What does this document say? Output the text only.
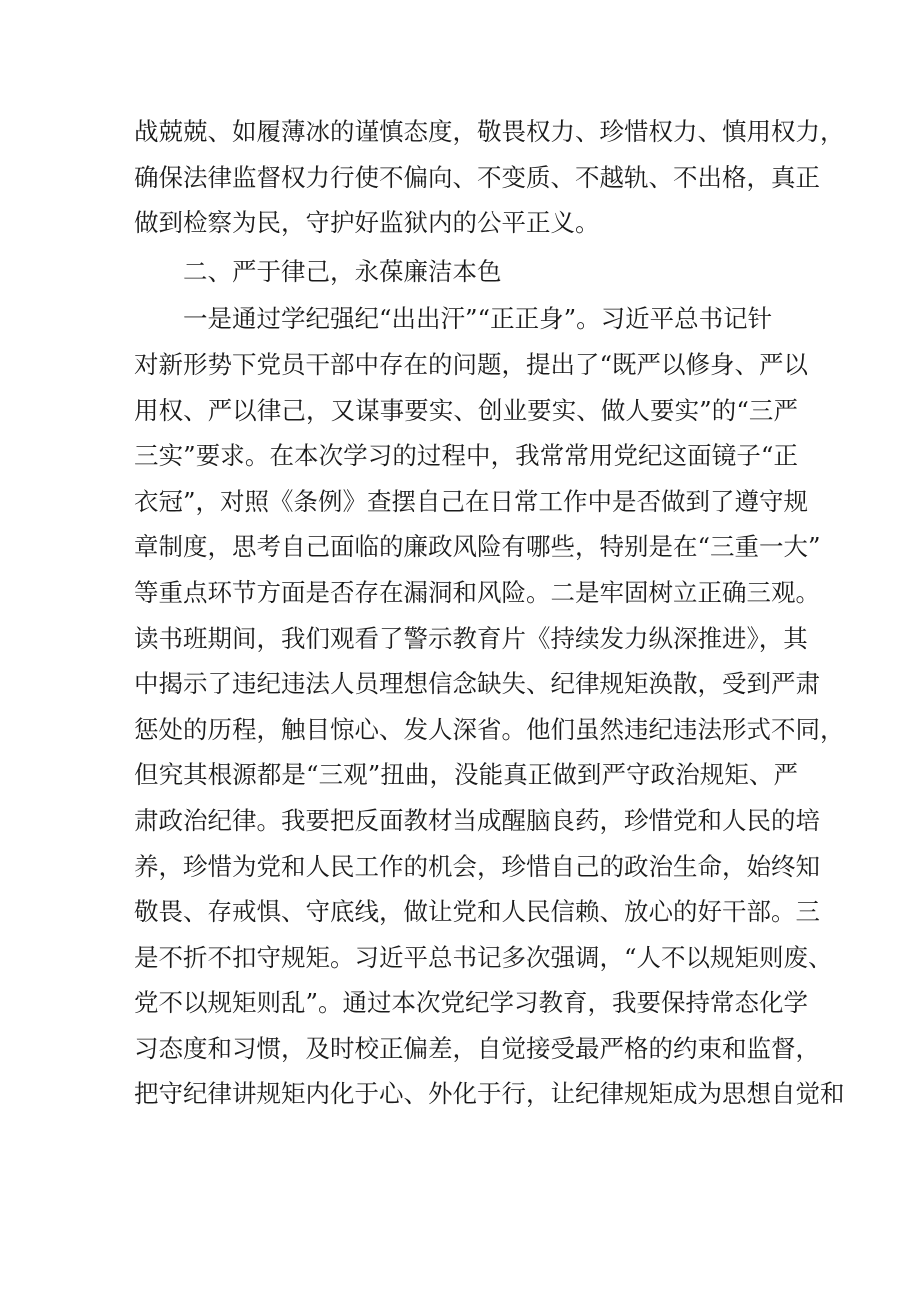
战兢兢、如履薄冰的谨慎态度，敬畏权力、珍惜权力、慎用权力，
确保法律监督权力行使不偏向、不变质、不越轨、不出格，真正
做到检察为民，守护好监狱内的公平正义。
二、严于律己，永葆廉洁本色
一是通过学纪强纪“出出汗”“正正身”。习近平总书记针
对新形势下党员干部中存在的问题，提出了“既严以修身、严以
用权、严以律己，又谋事要实、创业要实、做人要实”的“三严
三实”要求。在本次学习的过程中，我常常用党纪这面镜子“正
衣冠”，对照《条例》查摆自己在日常工作中是否做到了遵守规
章制度，思考自己面临的廉政风险有哪些，特别是在“三重一大”
等重点环节方面是否存在漏洞和风险。二是牢固树立正确三观。
读书班期间，我们观看了警示教育片《持续发力纵深推进》，其
中揭示了违纪违法人员理想信念缺失、纪律规矩涣散，受到严肃
惩处的历程，触目惊心、发人深省。他们虽然违纪违法形式不同，
但究其根源都是“三观”扭曲，没能真正做到严守政治规矩、严
肃政治纪律。我要把反面教材当成醒脑良药，珍惜党和人民的培
养，珍惜为党和人民工作的机会，珍惜自己的政治生命，始终知
敬畏、存戒惧、守底线，做让党和人民信赖、放心的好干部。三
是不折不扣守规矩。习近平总书记多次强调，“人不以规矩则废、
党不以规矩则乱”。通过本次党纪学习教育，我要保持常态化学
习态度和习惯，及时校正偏差，自觉接受最严格的约束和监督，
把守纪律讲规矩内化于心、外化于行，让纪律规矩成为思想自觉和
